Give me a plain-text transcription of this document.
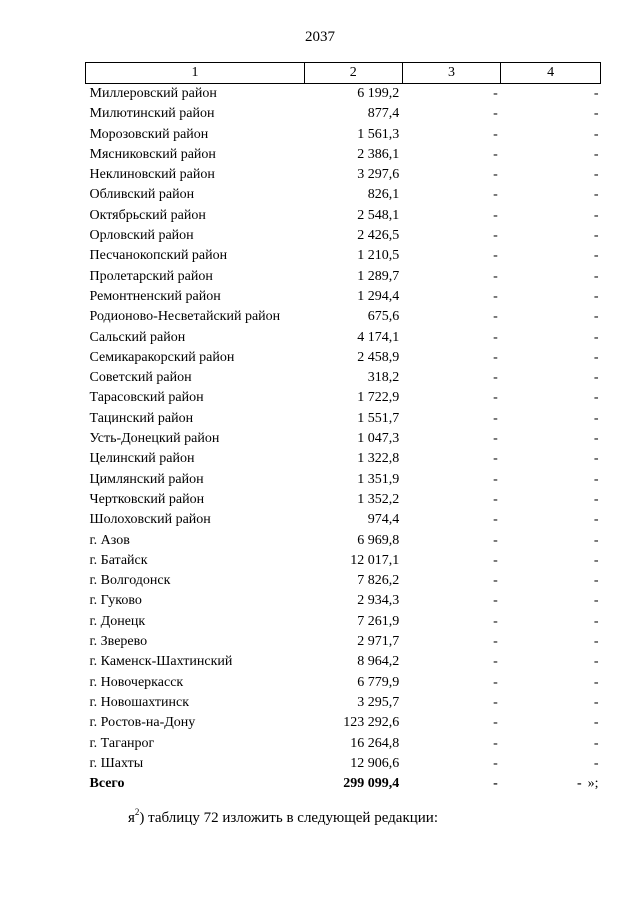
2037
1	2	3	4
Миллеровский район	6 199,2	-	-
Милютинский район	877,4	-	-
Морозовский район	1 561,3	-	-
Мясниковский район	2 386,1	-	-
Неклиновский район	3 297,6	-	-
Обливский район	826,1	-	-
Октябрьский район	2 548,1	-	-
Орловский район	2 426,5	-	-
Песчанокопский район	1 210,5	-	-
Пролетарский район	1 289,7	-	-
Ремонтненский район	1 294,4	-	-
Родионово-Несветайский район	675,6	-	-
Сальский район	4 174,1	-	-
Семикаракорский район	2 458,9	-	-
Советский район	318,2	-	-
Тарасовский район	1 722,9	-	-
Тацинский район	1 551,7	-	-
Усть-Донецкий район	1 047,3	-	-
Целинский район	1 322,8	-	-
Цимлянский район	1 351,9	-	-
Чертковский район	1 352,2	-	-
Шолоховский район	974,4	-	-
г. Азов	6 969,8	-	-
г. Батайск	12 017,1	-	-
г. Волгодонск	7 826,2	-	-
г. Гуково	2 934,3	-	-
г. Донецк	7 261,9	-	-
г. Зверево	2 971,7	-	-
г. Каменск-Шахтинский	8 964,2	-	-
г. Новочеркасск	6 779,9	-	-
г. Новошахтинск	3 295,7	-	-
г. Ростов-на-Дону	123 292,6	-	-
г. Таганрог	16 264,8	-	-
г. Шахты	12 906,6	-	-
Всего	299 099,4	-	- »;
$я^2$) таблицу 72 изложить в следующей редакции:
